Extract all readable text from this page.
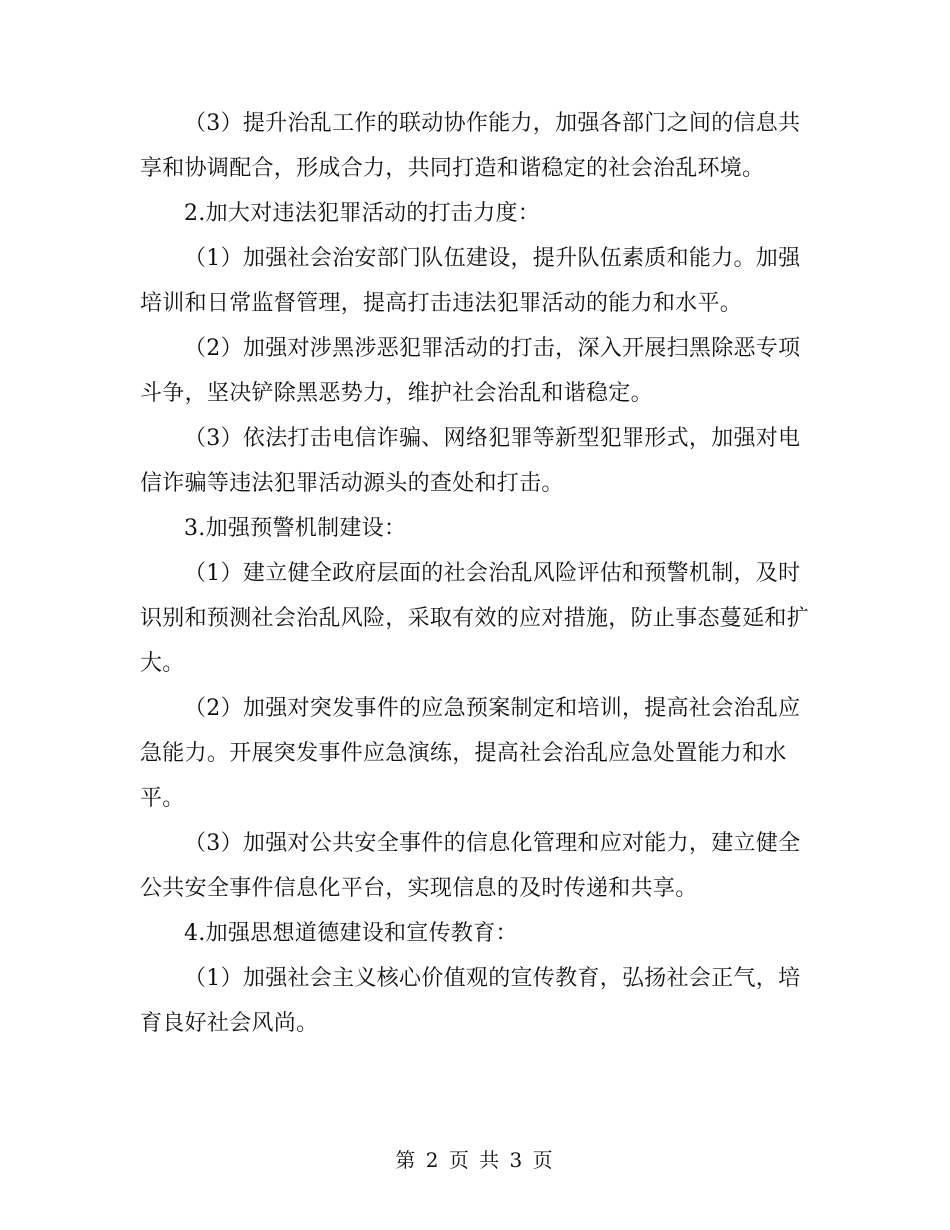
（3）提升治乱工作的联动协作能力，加强各部门之间的信息共享和协调配合，形成合力，共同打造和谐稳定的社会治乱环境。

2.加大对违法犯罪活动的打击力度：

（1）加强社会治安部门队伍建设，提升队伍素质和能力。加强培训和日常监督管理，提高打击违法犯罪活动的能力和水平。

（2）加强对涉黑涉恶犯罪活动的打击，深入开展扫黑除恶专项斗争，坚决铲除黑恶势力，维护社会治乱和谐稳定。

（3）依法打击电信诈骗、网络犯罪等新型犯罪形式，加强对电信诈骗等违法犯罪活动源头的查处和打击。

3.加强预警机制建设：

（1）建立健全政府层面的社会治乱风险评估和预警机制，及时识别和预测社会治乱风险，采取有效的应对措施，防止事态蔓延和扩大。

（2）加强对突发事件的应急预案制定和培训，提高社会治乱应急能力。开展突发事件应急演练，提高社会治乱应急处置能力和水平。

（3）加强对公共安全事件的信息化管理和应对能力，建立健全公共安全事件信息化平台，实现信息的及时传递和共享。

4.加强思想道德建设和宣传教育：

（1）加强社会主义核心价值观的宣传教育，弘扬社会正气，培育良好社会风尚。

第 2 页 共 3 页
